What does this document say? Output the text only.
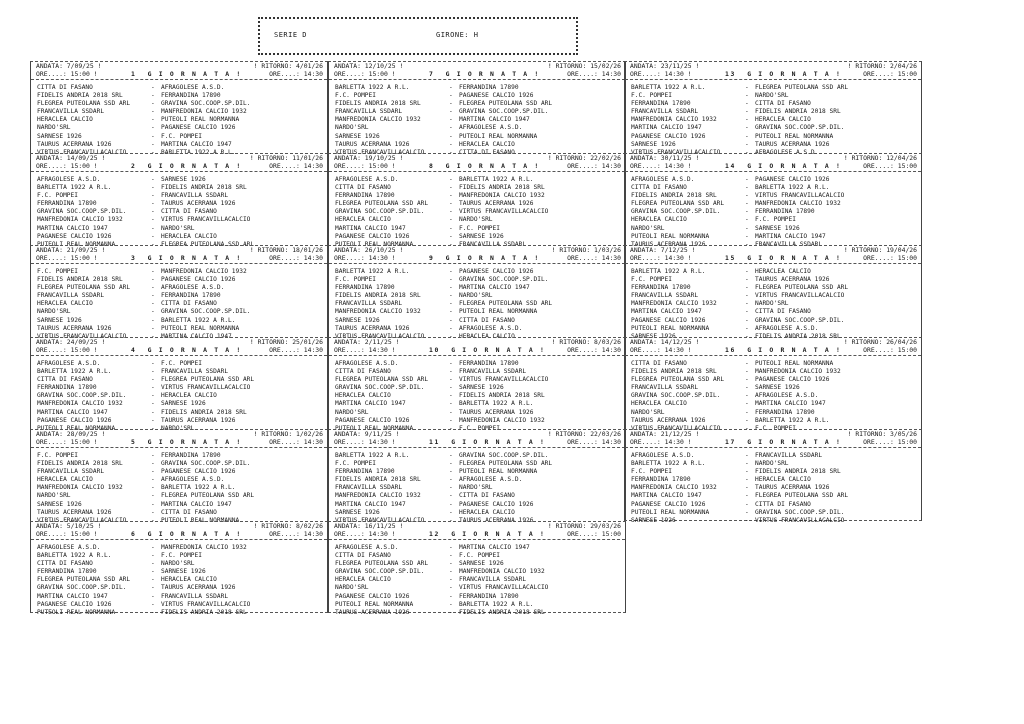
SERIE D	GIRONE: H
ANDATA: 7/09/25 !	! RITORNO: 4/01/26
ORE....: 15:00 !	1  G I O R N A T A !	ORE....: 14:30
CITTA DI FASANO	- AFRAGOLESE A.S.D.
FIDELIS ANDRIA 2018 SRL	- FERRANDINA 17890
FLEGREA PUTEOLANA SSD ARL	- GRAVINA SOC.COOP.SP.DIL.
FRANCAVILLA SSDARL	- MANFREDONIA CALCIO 1932
HERACLEA CALCIO	- PUTEOLI REAL NORMANNA
NARDO'SRL	- PAGANESE CALCIO 1926
SARNESE 1926	- F.C. POMPEI
TAURUS ACERRANA 1926	- MARTINA CALCIO 1947
VIRTUS FRANCAVILLACALCIO	- BARLETTA 1922 A R.L.
ANDATA: 14/09/25 !	! RITORNO: 11/01/26
ORE....: 15:00 !	2  G I O R N A T A !	ORE....: 14:30
AFRAGOLESE A.S.D.	- SARNESE 1926
BARLETTA 1922 A R.L.	- FIDELIS ANDRIA 2018 SRL
F.C. POMPEI	- FRANCAVILLA SSDARL
FERRANDINA 17890	- TAURUS ACERRANA 1926
GRAVINA SOC.COOP.SP.DIL.	- CITTA DI FASANO
MANFREDONIA CALCIO 1932	- VIRTUS FRANCAVILLACALCIO
MARTINA CALCIO 1947	- NARDO'SRL
PAGANESE CALCIO 1926	- HERACLEA CALCIO
PUTEOLI REAL NORMANNA	- FLEGREA PUTEOLANA SSD ARL
ANDATA: 21/09/25 !	! RITORNO: 18/01/26
ORE....: 15:00 !	3  G I O R N A T A !	ORE....: 14:30
F.C. POMPEI	- MANFREDONIA CALCIO 1932
FIDELIS ANDRIA 2018 SRL	- PAGANESE CALCIO 1926
FLEGREA PUTEOLANA SSD ARL	- AFRAGOLESE A.S.D.
FRANCAVILLA SSDARL	- FERRANDINA 17890
HERACLEA CALCIO	- CITTA DI FASANO
NARDO'SRL	- GRAVINA SOC.COOP.SP.DIL.
SARNESE 1926	- BARLETTA 1922 A R.L.
TAURUS ACERRANA 1926	- PUTEOLI REAL NORMANNA
VIRTUS FRANCAVILLACALCIO	- MARTINA CALCIO 1947
ANDATA: 24/09/25 !	! RITORNO: 25/01/26
ORE....: 15:00 !	4  G I O R N A T A !	ORE....: 14:30
AFRAGOLESE A.S.D.	- F.C. POMPEI
BARLETTA 1922 A R.L.	- FRANCAVILLA SSDARL
CITTA DI FASANO	- FLEGREA PUTEOLANA SSD ARL
FERRANDINA 17890	- VIRTUS FRANCAVILLACALCIO
GRAVINA SOC.COOP.SP.DIL.	- HERACLEA CALCIO
MANFREDONIA CALCIO 1932	- SARNESE 1926
MARTINA CALCIO 1947	- FIDELIS ANDRIA 2018 SRL
PAGANESE CALCIO 1926	- TAURUS ACERRANA 1926
PUTEOLI REAL NORMANNA	- NARDO'SRL
ANDATA: 28/09/25 !	! RITORNO: 1/02/26
ORE....: 15:00 !	5  G I O R N A T A !	ORE....: 14:30
F.C. POMPEI	- FERRANDINA 17890
FIDELIS ANDRIA 2018 SRL	- GRAVINA SOC.COOP.SP.DIL.
FRANCAVILLA SSDARL	- PAGANESE CALCIO 1926
HERACLEA CALCIO	- AFRAGOLESE A.S.D.
MANFREDONIA CALCIO 1932	- BARLETTA 1922 A R.L.
NARDO'SRL	- FLEGREA PUTEOLANA SSD ARL
SARNESE 1926	- MARTINA CALCIO 1947
TAURUS ACERRANA 1926	- CITTA DI FASANO
VIRTUS FRANCAVILLACALCIO	- PUTEOLI REAL NORMANNA
ANDATA: 5/10/25 !	! RITORNO: 8/02/26
ORE....: 15:00 !	6  G I O R N A T A !	ORE....: 14:30
AFRAGOLESE A.S.D.	- MANFREDONIA CALCIO 1932
BARLETTA 1922 A R.L.	- F.C. POMPEI
CITTA DI FASANO	- NARDO'SRL
FERRANDINA 17890	- SARNESE 1926
FLEGREA PUTEOLANA SSD ARL	- HERACLEA CALCIO
GRAVINA SOC.COOP.SP.DIL.	- TAURUS ACERRANA 1926
MARTINA CALCIO 1947	- FRANCAVILLA SSDARL
PAGANESE CALCIO 1926	- VIRTUS FRANCAVILLACALCIO
PUTEOLI REAL NORMANNA	- FIDELIS ANDRIA 2018 SRL
ANDATA: 12/10/25 !	! RITORNO: 15/02/26
ORE....: 15:00 !	7  G I O R N A T A !	ORE....: 14:30
BARLETTA 1922 A R.L.	- FERRANDINA 17890
F.C. POMPEI	- PAGANESE CALCIO 1926
FIDELIS ANDRIA 2018 SRL	- FLEGREA PUTEOLANA SSD ARL
FRANCAVILLA SSDARL	- GRAVINA SOC.COOP.SP.DIL.
MANFREDONIA CALCIO 1932	- MARTINA CALCIO 1947
NARDO'SRL	- AFRAGOLESE A.S.D.
SARNESE 1926	- PUTEOLI REAL NORMANNA
TAURUS ACERRANA 1926	- HERACLEA CALCIO
VIRTUS FRANCAVILLACALCIO	- CITTA DI FASANO
ANDATA: 19/10/25 !	! RITORNO: 22/02/26
ORE....: 15:00 !	8  G I O R N A T A !	ORE....: 14:30
AFRAGOLESE A.S.D.	- BARLETTA 1922 A R.L.
CITTA DI FASANO	- FIDELIS ANDRIA 2018 SRL
FERRANDINA 17890	- MANFREDONIA CALCIO 1932
FLEGREA PUTEOLANA SSD ARL	- TAURUS ACERRANA 1926
GRAVINA SOC.COOP.SP.DIL.	- VIRTUS FRANCAVILLACALCIO
HERACLEA CALCIO	- NARDO'SRL
MARTINA CALCIO 1947	- F.C. POMPEI
PAGANESE CALCIO 1926	- SARNESE 1926
PUTEOLI REAL NORMANNA	- FRANCAVILLA SSDARL
ANDATA: 26/10/25 !	! RITORNO: 1/03/26
ORE....: 14:30 !	9  G I O R N A T A !	ORE....: 14:30
BARLETTA 1922 A R.L.	- PAGANESE CALCIO 1926
F.C. POMPEI	- GRAVINA SOC.COOP.SP.DIL.
FERRANDINA 17890	- MARTINA CALCIO 1947
FIDELIS ANDRIA 2018 SRL	- NARDO'SRL
FRANCAVILLA SSDARL	- FLEGREA PUTEOLANA SSD ARL
MANFREDONIA CALCIO 1932	- PUTEOLI REAL NORMANNA
SARNESE 1926	- CITTA DI FASANO
TAURUS ACERRANA 1926	- AFRAGOLESE A.S.D.
VIRTUS FRANCAVILLACALCIO	- HERACLEA CALCIO
ANDATA: 2/11/25 !	! RITORNO: 8/03/26
ORE....: 14:30 !	10  G I O R N A T A !	ORE....: 14:30
AFRAGOLESE A.S.D.	- FERRANDINA 17890
CITTA DI FASANO	- FRANCAVILLA SSDARL
FLEGREA PUTEOLANA SSD ARL	- VIRTUS FRANCAVILLACALCIO
GRAVINA SOC.COOP.SP.DIL.	- SARNESE 1926
HERACLEA CALCIO	- FIDELIS ANDRIA 2018 SRL
MARTINA CALCIO 1947	- BARLETTA 1922 A R.L.
NARDO'SRL	- TAURUS ACERRANA 1926
PAGANESE CALCIO 1926	- MANFREDONIA CALCIO 1932
PUTEOLI REAL NORMANNA	- F.C. POMPEI
ANDATA: 9/11/25 !	! RITORNO: 22/03/26
ORE....: 14:30 !	11  G I O R N A T A !	ORE....: 14:30
BARLETTA 1922 A R.L.	- GRAVINA SOC.COOP.SP.DIL.
F.C. POMPEI	- FLEGREA PUTEOLANA SSD ARL
FERRANDINA 17890	- PUTEOLI REAL NORMANNA
FIDELIS ANDRIA 2018 SRL	- AFRAGOLESE A.S.D.
FRANCAVILLA SSDARL	- NARDO'SRL
MANFREDONIA CALCIO 1932	- CITTA DI FASANO
MARTINA CALCIO 1947	- PAGANESE CALCIO 1926
SARNESE 1926	- HERACLEA CALCIO
VIRTUS FRANCAVILLACALCIO	- TAURUS ACERRANA 1926
ANDATA: 16/11/25 !	! RITORNO: 29/03/26
ORE....: 14:30 !	12  G I O R N A T A !	ORE....: 15:00
AFRAGOLESE A.S.D.	- MARTINA CALCIO 1947
CITTA DI FASANO	- F.C. POMPEI
FLEGREA PUTEOLANA SSD ARL	- SARNESE 1926
GRAVINA SOC.COOP.SP.DIL.	- MANFREDONIA CALCIO 1932
HERACLEA CALCIO	- FRANCAVILLA SSDARL
NARDO'SRL	- VIRTUS FRANCAVILLACALCIO
PAGANESE CALCIO 1926	- FERRANDINA 17890
PUTEOLI REAL NORMANNA	- BARLETTA 1922 A R.L.
TAURUS ACERRANA 1926	- FIDELIS ANDRIA 2018 SRL
ANDATA: 23/11/25 !	! RITORNO: 2/04/26
ORE....: 14:30 !	13  G I O R N A T A !	ORE....: 15:00
BARLETTA 1922 A R.L.	- FLEGREA PUTEOLANA SSD ARL
F.C. POMPEI	- NARDO'SRL
FERRANDINA 17890	- CITTA DI FASANO
FRANCAVILLA SSDARL	- FIDELIS ANDRIA 2018 SRL
MANFREDONIA CALCIO 1932	- HERACLEA CALCIO
MARTINA CALCIO 1947	- GRAVINA SOC.COOP.SP.DIL.
PAGANESE CALCIO 1926	- PUTEOLI REAL NORMANNA
SARNESE 1926	- TAURUS ACERRANA 1926
VIRTUS FRANCAVILLACALCIO	- AFRAGOLESE A.S.D.
ANDATA: 30/11/25 !	! RITORNO: 12/04/26
ORE....: 14:30 !	14  G I O R N A T A !	ORE....: 15:00
AFRAGOLESE A.S.D.	- PAGANESE CALCIO 1926
CITTA DI FASANO	- BARLETTA 1922 A R.L.
FIDELIS ANDRIA 2018 SRL	- VIRTUS FRANCAVILLACALCIO
FLEGREA PUTEOLANA SSD ARL	- MANFREDONIA CALCIO 1932
GRAVINA SOC.COOP.SP.DIL.	- FERRANDINA 17890
HERACLEA CALCIO	- F.C. POMPEI
NARDO'SRL	- SARNESE 1926
PUTEOLI REAL NORMANNA	- MARTINA CALCIO 1947
TAURUS ACERRANA 1926	- FRANCAVILLA SSDARL
ANDATA: 7/12/25 !	! RITORNO: 19/04/26
ORE....: 14:30 !	15  G I O R N A T A !	ORE....: 15:00
BARLETTA 1922 A R.L.	- HERACLEA CALCIO
F.C. POMPEI	- TAURUS ACERRANA 1926
FERRANDINA 17890	- FLEGREA PUTEOLANA SSD ARL
FRANCAVILLA SSDARL	- VIRTUS FRANCAVILLACALCIO
MANFREDONIA CALCIO 1932	- NARDO'SRL
MARTINA CALCIO 1947	- CITTA DI FASANO
PAGANESE CALCIO 1926	- GRAVINA SOC.COOP.SP.DIL.
PUTEOLI REAL NORMANNA	- AFRAGOLESE A.S.D.
SARNESE 1926	- FIDELIS ANDRIA 2018 SRL
ANDATA: 14/12/25 !	! RITORNO: 26/04/26
ORE....: 14:30 !	16  G I O R N A T A !	ORE....: 15:00
CITTA DI FASANO	- PUTEOLI REAL NORMANNA
FIDELIS ANDRIA 2018 SRL	- MANFREDONIA CALCIO 1932
FLEGREA PUTEOLANA SSD ARL	- PAGANESE CALCIO 1926
FRANCAVILLA SSDARL	- SARNESE 1926
GRAVINA SOC.COOP.SP.DIL.	- AFRAGOLESE A.S.D.
HERACLEA CALCIO	- MARTINA CALCIO 1947
NARDO'SRL	- FERRANDINA 17890
TAURUS ACERRANA 1926	- BARLETTA 1922 A R.L.
VIRTUS FRANCAVILLACALCIO	- F.C. POMPEI
ANDATA: 21/12/25 !	! RITORNO: 3/05/26
ORE....: 14:30 !	17  G I O R N A T A !	ORE....: 15:00
AFRAGOLESE A.S.D.	- FRANCAVILLA SSDARL
BARLETTA 1922 A R.L.	- NARDO'SRL
F.C. POMPEI	- FIDELIS ANDRIA 2018 SRL
FERRANDINA 17890	- HERACLEA CALCIO
MANFREDONIA CALCIO 1932	- TAURUS ACERRANA 1926
MARTINA CALCIO 1947	- FLEGREA PUTEOLANA SSD ARL
PAGANESE CALCIO 1926	- CITTA DI FASANO
PUTEOLI REAL NORMANNA	- GRAVINA SOC.COOP.SP.DIL.
SARNESE 1926	- VIRTUS FRANCAVILLACALCIO
